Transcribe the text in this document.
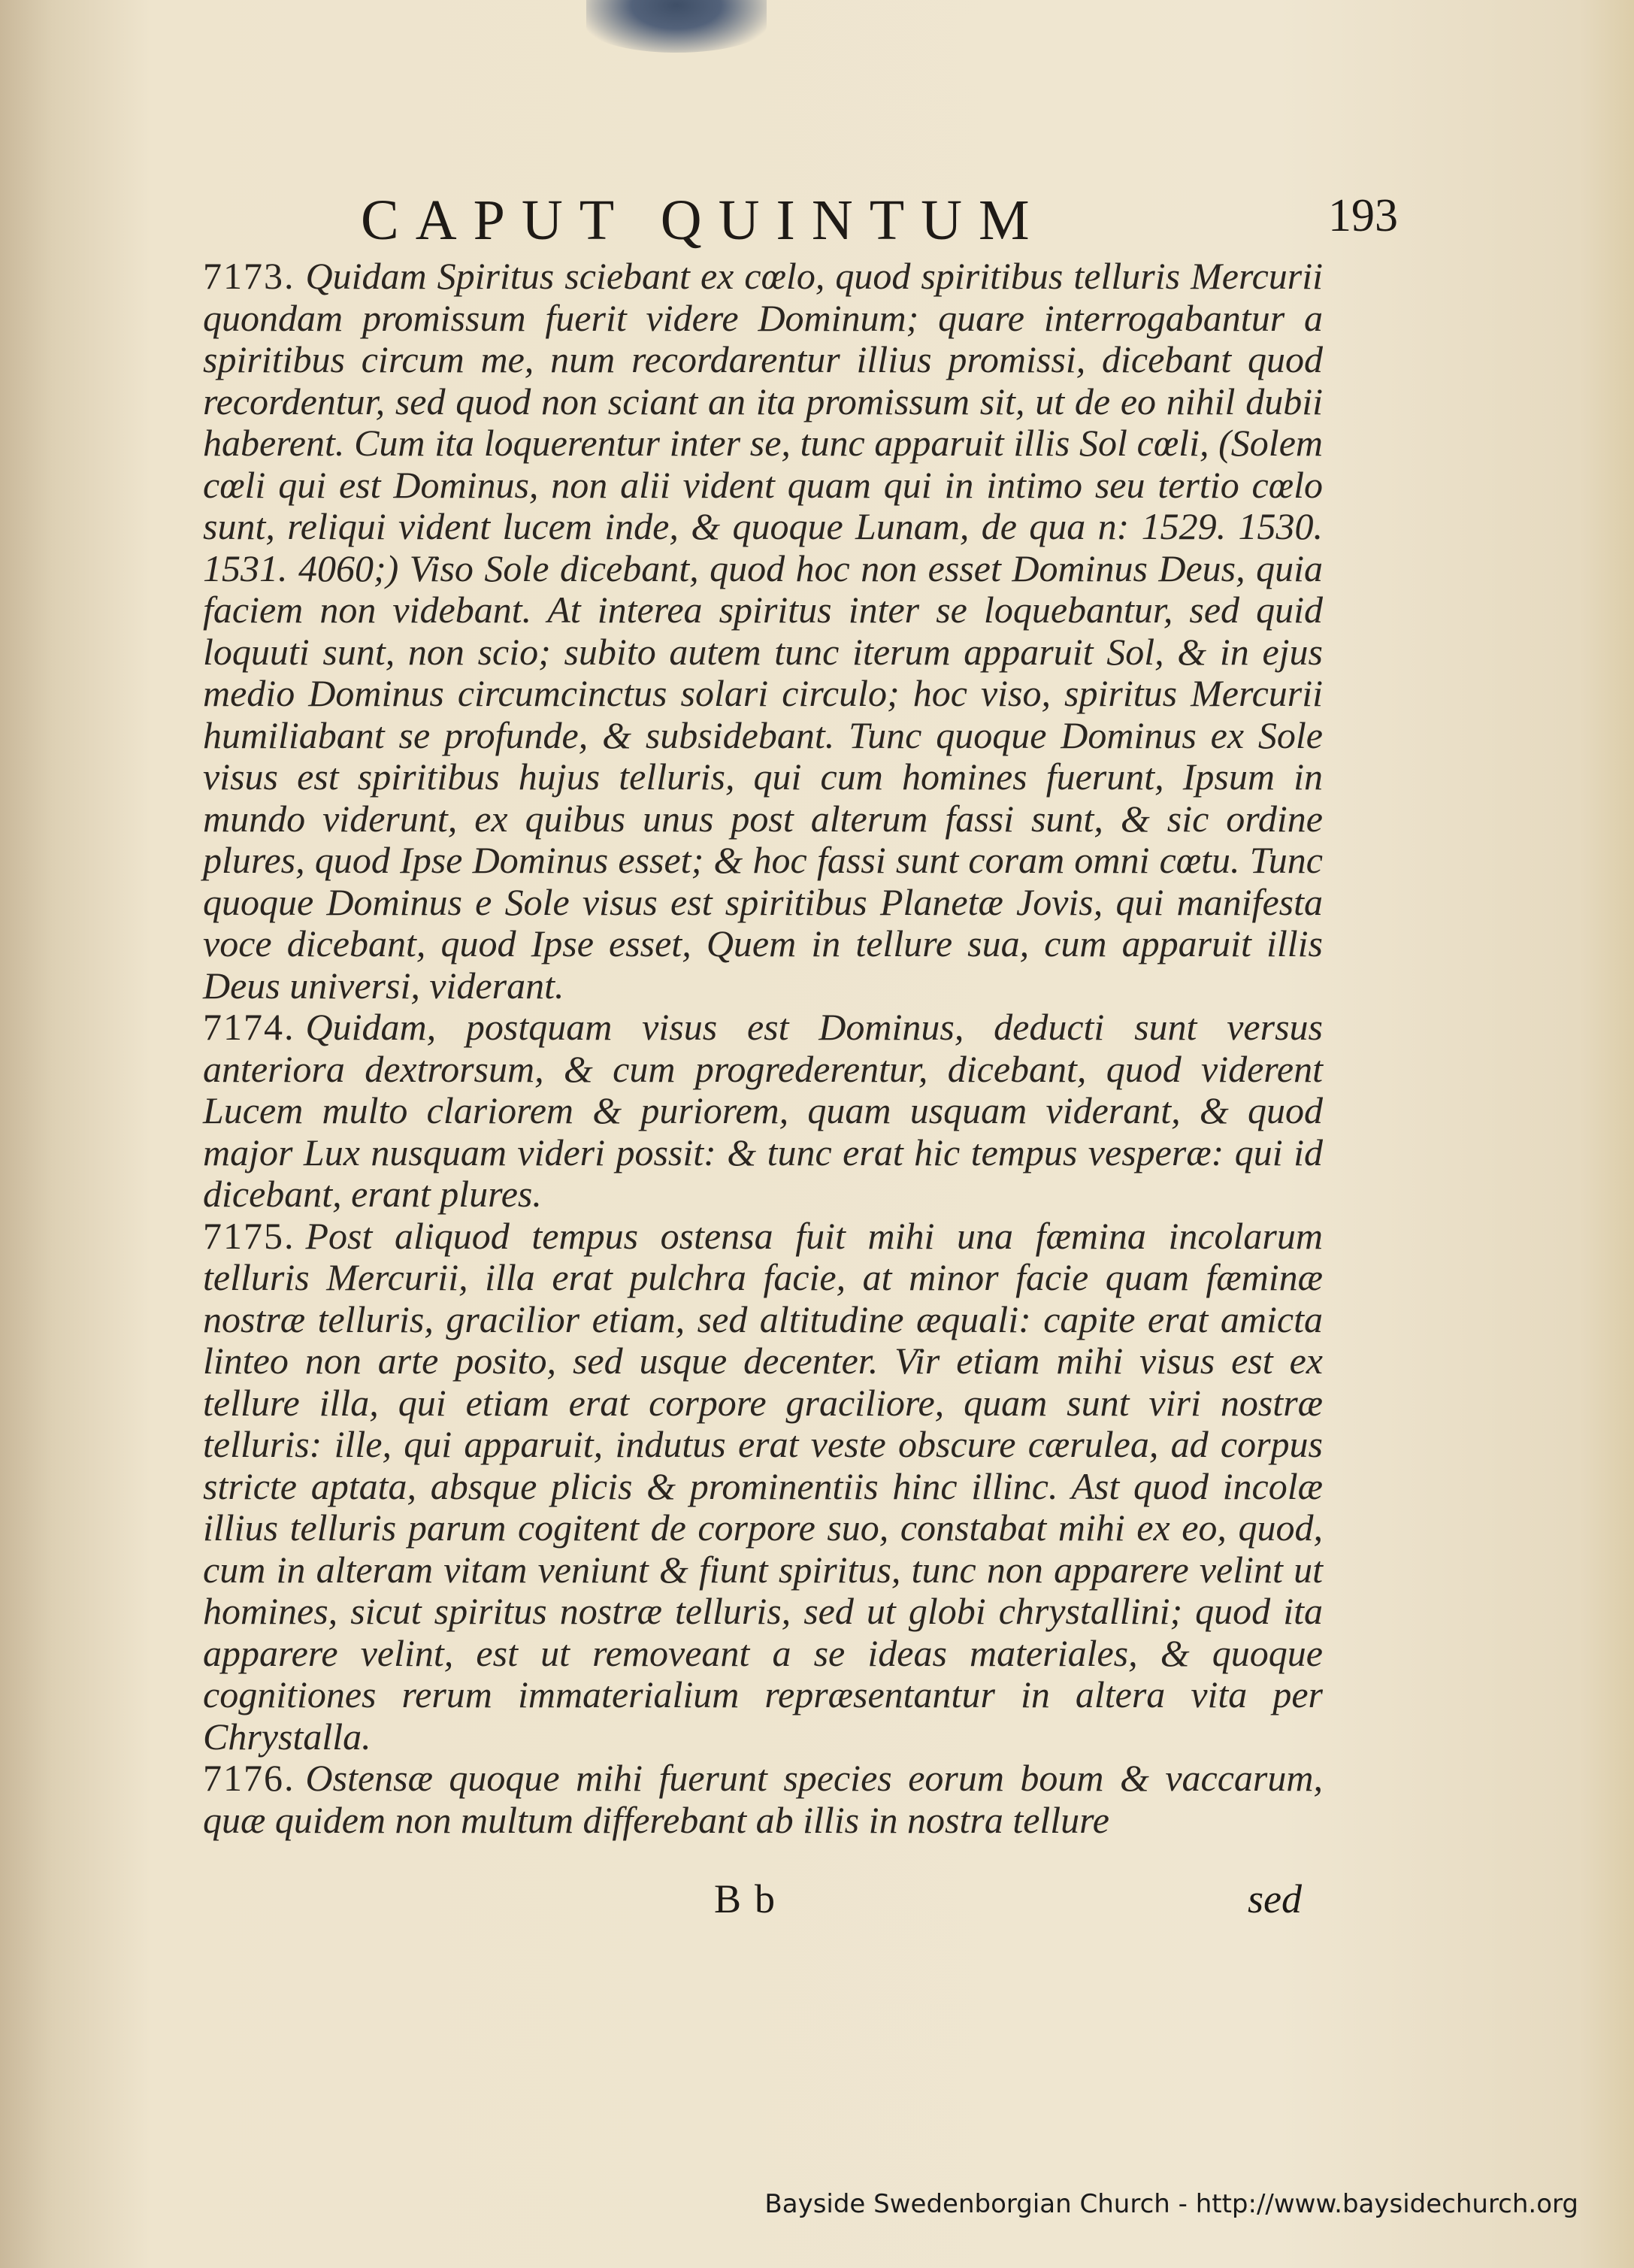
CAPUT QUINTUM	193

7173. Quidam Spiritus sciebant ex cœlo, quod spiritibus telluris Mercurii quondam promissum fuerit videre Dominum; quare interrogabantur a spiritibus circum me, num recordarentur illius promissi, dicebant quod recordentur, sed quod non sciant an ita promissum sit, ut de eo nihil dubii haberent. Cum ita loquerentur inter se, tunc apparuit illis Sol cœli, (Solem cœli qui est Dominus, non alii vident quam qui in intimo seu tertio cœlo sunt, reliqui vident lucem inde, & quoque Lunam, de qua n: 1529. 1530. 1531. 4060;) Viso Sole dicebant, quod hoc non esset Dominus Deus, quia faciem non videbant. At interea spiritus inter se loquebantur, sed quid loquuti sunt, non scio; subito autem tunc iterum apparuit Sol, & in ejus medio Dominus circumcinctus solari circulo; hoc viso, spiritus Mercurii humiliabant se profunde, & subsidebant. Tunc quoque Dominus ex Sole visus est spiritibus hujus telluris, qui cum homines fuerunt, Ipsum in mundo viderunt, ex quibus unus post alterum fassi sunt, & sic ordine plures, quod Ipse Dominus esset; & hoc fassi sunt coram omni cœtu. Tunc quoque Dominus e Sole visus est spiritibus Planetæ Jovis, qui manifesta voce dicebant, quod Ipse esset, Quem in tellure sua, cum apparuit illis Deus universi, viderant.

7174. Quidam, postquam visus est Dominus, deducti sunt versus anteriora dextrorsum, & cum progrederentur, dicebant, quod viderent Lucem multo clariorem & puriorem, quam usquam viderant, & quod major Lux nusquam videri possit: & tunc erat hic tempus vesperæ: qui id dicebant, erant plures.

7175. Post aliquod tempus ostensa fuit mihi una fæmina incolarum telluris Mercurii, illa erat pulchra facie, at minor facie quam fæminæ nostræ telluris, gracilior etiam, sed altitudine æquali: capite erat amicta linteo non arte posito, sed usque decenter. Vir etiam mihi visus est ex tellure illa, qui etiam erat corpore graciliore, quam sunt viri nostræ telluris: ille, qui apparuit, indutus erat veste obscure cærulea, ad corpus stricte aptata, absque plicis & prominentiis hinc illinc. Ast quod incolæ illius telluris parum cogitent de corpore suo, constabat mihi ex eo, quod, cum in alteram vitam veniunt & fiunt spiritus, tunc non apparere velint ut homines, sicut spiritus nostræ telluris, sed ut globi chrystallini; quod ita apparere velint, est ut removeant a se ideas materiales, & quoque cognitiones rerum immaterialium repræsentantur in altera vita per Chrystalla.

7176. Ostensæ quoque mihi fuerunt species eorum boum & vaccarum, quæ quidem non multum differebant ab illis in nostra tellure

Bb	sed
Bayside Swedenborgian Church - http://www.baysidechurch.org
